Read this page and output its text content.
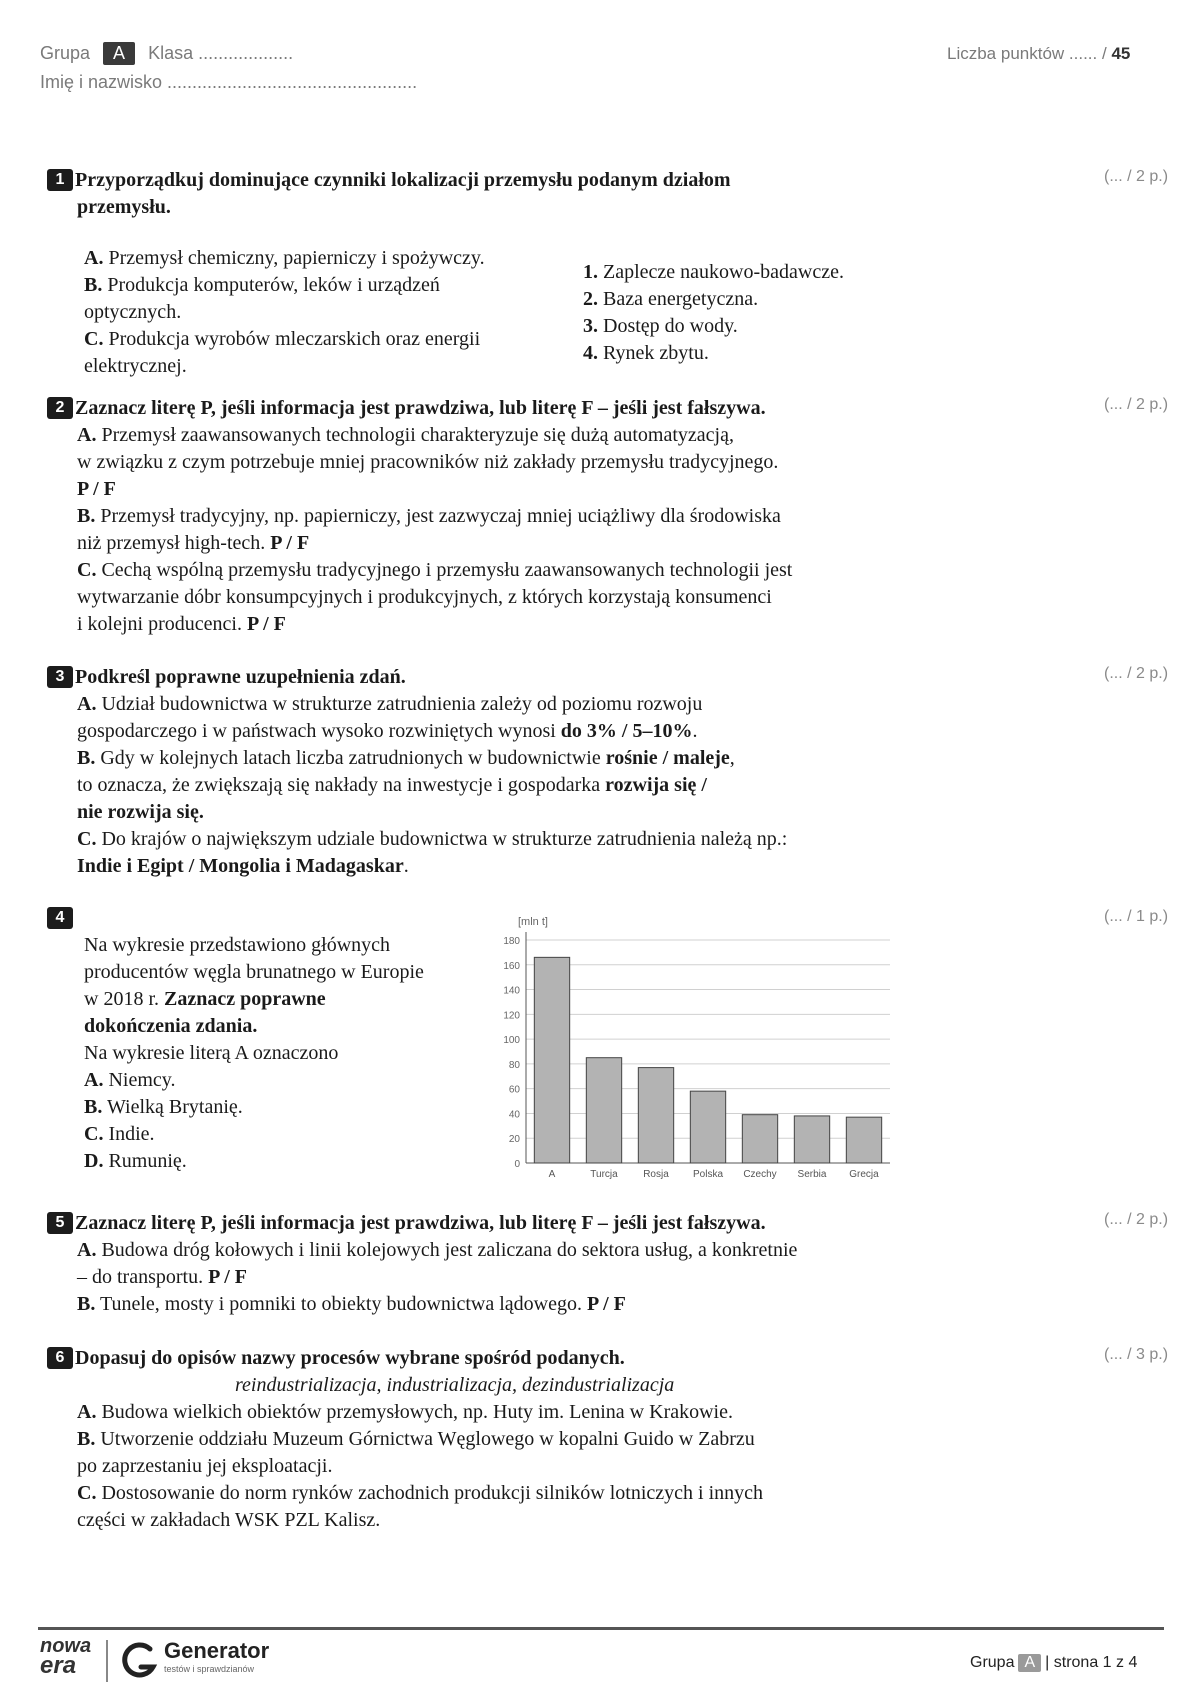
Grupa A Klasa ...................
Imię i nazwisko ..................................................
Liczba punktów ...... / 45
1 Przyporządkuj dominujące czynniki lokalizacji przemysłu podanym działom
przemysłu.
(... / 2 p.)
A. Przemysł chemiczny, papierniczy i spożywczy.
B. Produkcja komputerów, leków i urządzeń
optycznych.
C. Produkcja wyrobów mleczarskich oraz energii
elektrycznej.
1. Zaplecze naukowo-badawcze.
2. Baza energetyczna.
3. Dostęp do wody.
4. Rynek zbytu.
2 Zaznacz literę P, jeśli informacja jest prawdziwa, lub literę F – jeśli jest fałszywa.
A. Przemysł zaawansowanych technologii charakteryzuje się dużą automatyzacją,
w związku z czym potrzebuje mniej pracowników niż zakłady przemysłu tradycyjnego.
P / F
B. Przemysł tradycyjny, np. papierniczy, jest zazwyczaj mniej uciążliwy dla środowiska
niż przemysł high-tech. P / F
C. Cechą wspólną przemysłu tradycyjnego i przemysłu zaawansowanych technologii jest
wytwarzanie dóbr konsumpcyjnych i produkcyjnych, z których korzystają konsumenci
i kolejni producenci. P / F
(... / 2 p.)
3 Podkreśl poprawne uzupełnienia zdań.
A. Udział budownictwa w strukturze zatrudnienia zależy od poziomu rozwoju
gospodarczego i w państwach wysoko rozwiniętych wynosi do 3% / 5–10%.
B. Gdy w kolejnych latach liczba zatrudnionych w budownictwie rośnie / maleje,
to oznacza, że zwiększają się nakłady na inwestycje i gospodarka rozwija się /
nie rozwija się.
C. Do krajów o największym udziale budownictwa w strukturze zatrudnienia należą np.:
Indie i Egipt / Mongolia i Madagaskar.
(... / 2 p.)
4	(... / 1 p.)
Na wykresie przedstawiono głównych
producentów węgla brunatnego w Europie
w 2018 r. Zaznacz poprawne
dokończenia zdania.
Na wykresie literą A oznaczono
A. Niemcy.
B. Wielką Brytanię.
C. Indie.
D. Rumunię.
[mln t]
0
20
40
60
80
100
120
140
160
180
A	Turcja	Rosja Polska Czechy Serbia Grecja
5 Zaznacz literę P, jeśli informacja jest prawdziwa, lub literę F – jeśli jest fałszywa.
A. Budowa dróg kołowych i linii kolejowych jest zaliczana do sektora usług, a konkretnie
– do transportu. P / F
B. Tunele, mosty i pomniki to obiekty budownictwa lądowego. P / F
(... / 2 p.)
6 Dopasuj do opisów nazwy procesów wybrane spośród podanych.
reindustrializacja, industrializacja, dezindustrializacja
A. Budowa wielkich obiektów przemysłowych, np. Huty im. Lenina w Krakowie.
B. Utworzenie oddziału Muzeum Górnictwa Węglowego w kopalni Guido w Zabrzu
po zaprzestaniu jej eksploatacji.
C. Dostosowanie do norm rynków zachodnich produkcji silników lotniczych i innych
części w zakładach WSK PZL Kalisz.
(... / 3 p.)
nowa
era
Generator
testów i sprawdzianów	Grupa A | strona 1 z 4
